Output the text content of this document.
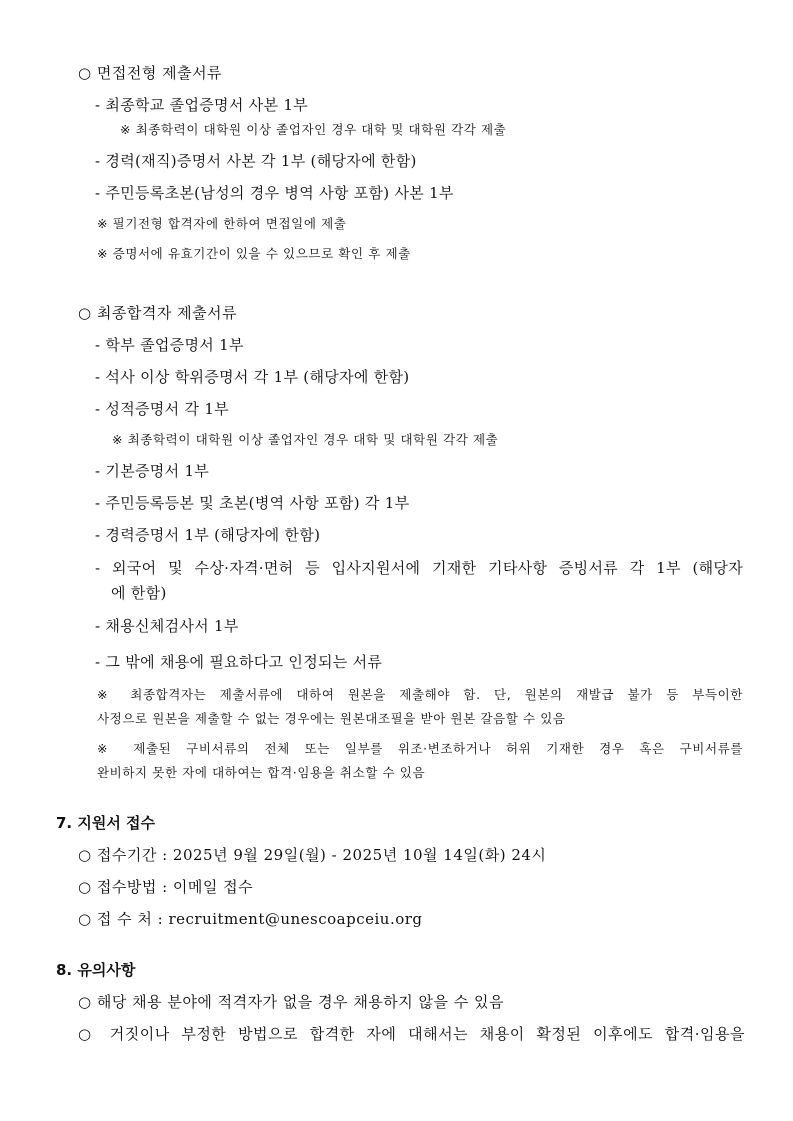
○ 면접전형 제출서류
- 최종학교 졸업증명서 사본 1부
※ 최종학력이 대학원 이상 졸업자인 경우 대학 및 대학원 각각 제출
- 경력(재직)증명서 사본 각 1부 (해당자에 한함)
- 주민등록초본(남성의 경우 병역 사항 포함) 사본 1부
※ 필기전형 합격자에 한하여 면접일에 제출
※ 증명서에 유효기간이 있을 수 있으므로 확인 후 제출
○ 최종합격자 제출서류
- 학부 졸업증명서 1부
- 석사 이상 학위증명서 각 1부 (해당자에 한함)
- 성적증명서 각 1부
※ 최종학력이 대학원 이상 졸업자인 경우 대학 및 대학원 각각 제출
- 기본증명서 1부
- 주민등록등본 및 초본(병역 사항 포함) 각 1부
- 경력증명서 1부 (해당자에 한함)
- 외국어 및 수상·자격·면허 등 입사지원서에 기재한 기타사항 증빙서류 각 1부 (해당자
에 한함)
- 채용신체검사서 1부
- 그 밖에 채용에 필요하다고 인정되는 서류
※ 최종합격자는 제출서류에 대하여 원본을 제출해야 함. 단, 원본의 재발급 불가 등 부득이한
사정으로 원본을 제출할 수 없는 경우에는 원본대조필을 받아 원본 갈음할 수 있음
※ 제출된 구비서류의 전체 또는 일부를 위조·변조하거나 허위 기재한 경우 혹은 구비서류를
완비하지 못한 자에 대하여는 합격·임용을 취소할 수 있음
7. 지원서 접수
○ 접수기간 : 2025년 9월 29일(월) - 2025년 10월 14일(화) 24시
○ 접수방법 : 이메일 접수
○ 접 수 처 : recruitment@unescoapceiu.org
8. 유의사항
○ 해당 채용 분야에 적격자가 없을 경우 채용하지 않을 수 있음
○ 거짓이나 부정한 방법으로 합격한 자에 대해서는 채용이 확정된 이후에도 합격·임용을
